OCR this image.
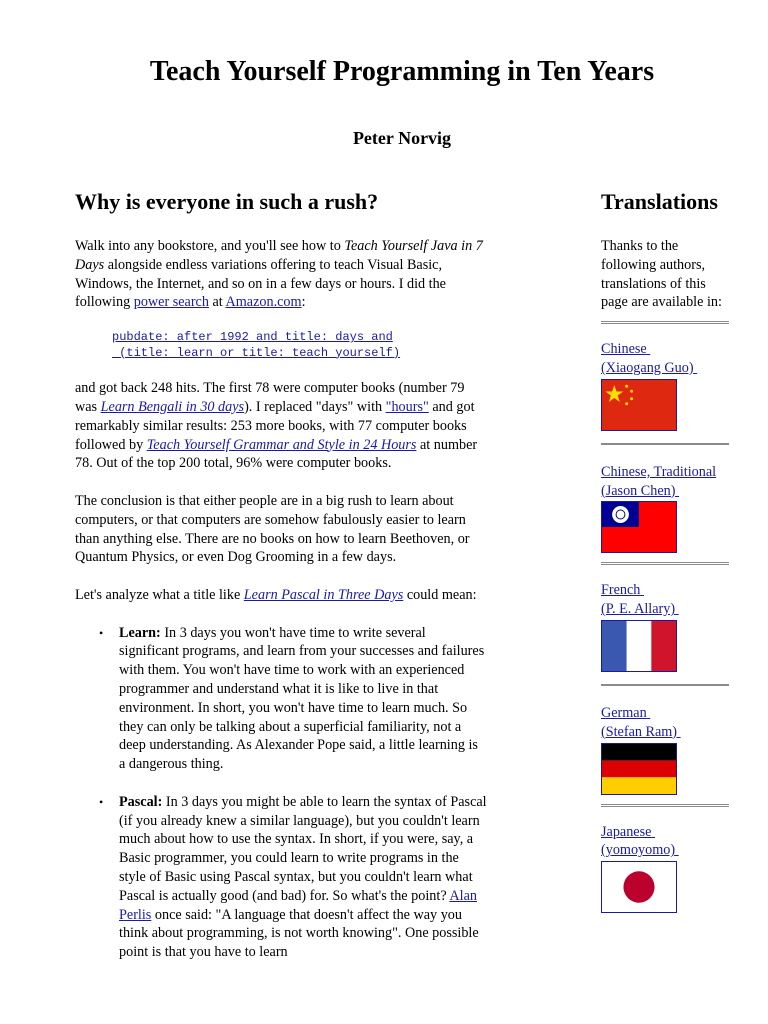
Teach Yourself Programming in Ten Years
Peter Norvig
Why is everyone in such a rush?

Walk into any bookstore, and you'll see how to Teach Yourself Java in 7 Days alongside endless variations offering to teach Visual Basic, Windows, the Internet, and so on in a few days or hours. I did the following power search at Amazon.com:

pubdate: after 1992 and title: days and
(title: learn or title: teach yourself)

and got back 248 hits. The first 78 were computer books (number 79 was Learn Bengali in 30 days). I replaced "days" with "hours" and got remarkably similar results: 253 more books, with 77 computer books followed by Teach Yourself Grammar and Style in 24 Hours at number 78. Out of the top 200 total, 96% were computer books.

The conclusion is that either people are in a big rush to learn about computers, or that computers are somehow fabulously easier to learn than anything else. There are no books on how to learn Beethoven, or Quantum Physics, or even Dog Grooming in a few days.

Let's analyze what a title like Learn Pascal in Three Days could mean:

• Learn: In 3 days you won't have time to write several significant programs, and learn from your successes and failures with them. You won't have time to work with an experienced programmer and understand what it is like to live in that environment. In short, you won't have time to learn much. So they can only be talking about a superficial familiarity, not a deep understanding. As Alexander Pope said, a little learning is a dangerous thing.
• Pascal: In 3 days you might be able to learn the syntax of Pascal (if you already knew a similar language), but you couldn't learn much about how to use the syntax. In short, if you were, say, a Basic programmer, you could learn to write programs in the style of Basic using Pascal syntax, but you couldn't learn what Pascal is actually good (and bad) for. So what's the point? Alan Perlis once said: "A language that doesn't affect the way you think about programming, is not worth knowing". One possible point is that you have to learn
Translations

Thanks to the following authors, translations of this page are available in:

Chinese
(Xiaogang Guo)
Chinese, Traditional
(Jason Chen)
French
(P. E. Allary)
German
(Stefan Ram)
Japanese
(yomoyomo)
